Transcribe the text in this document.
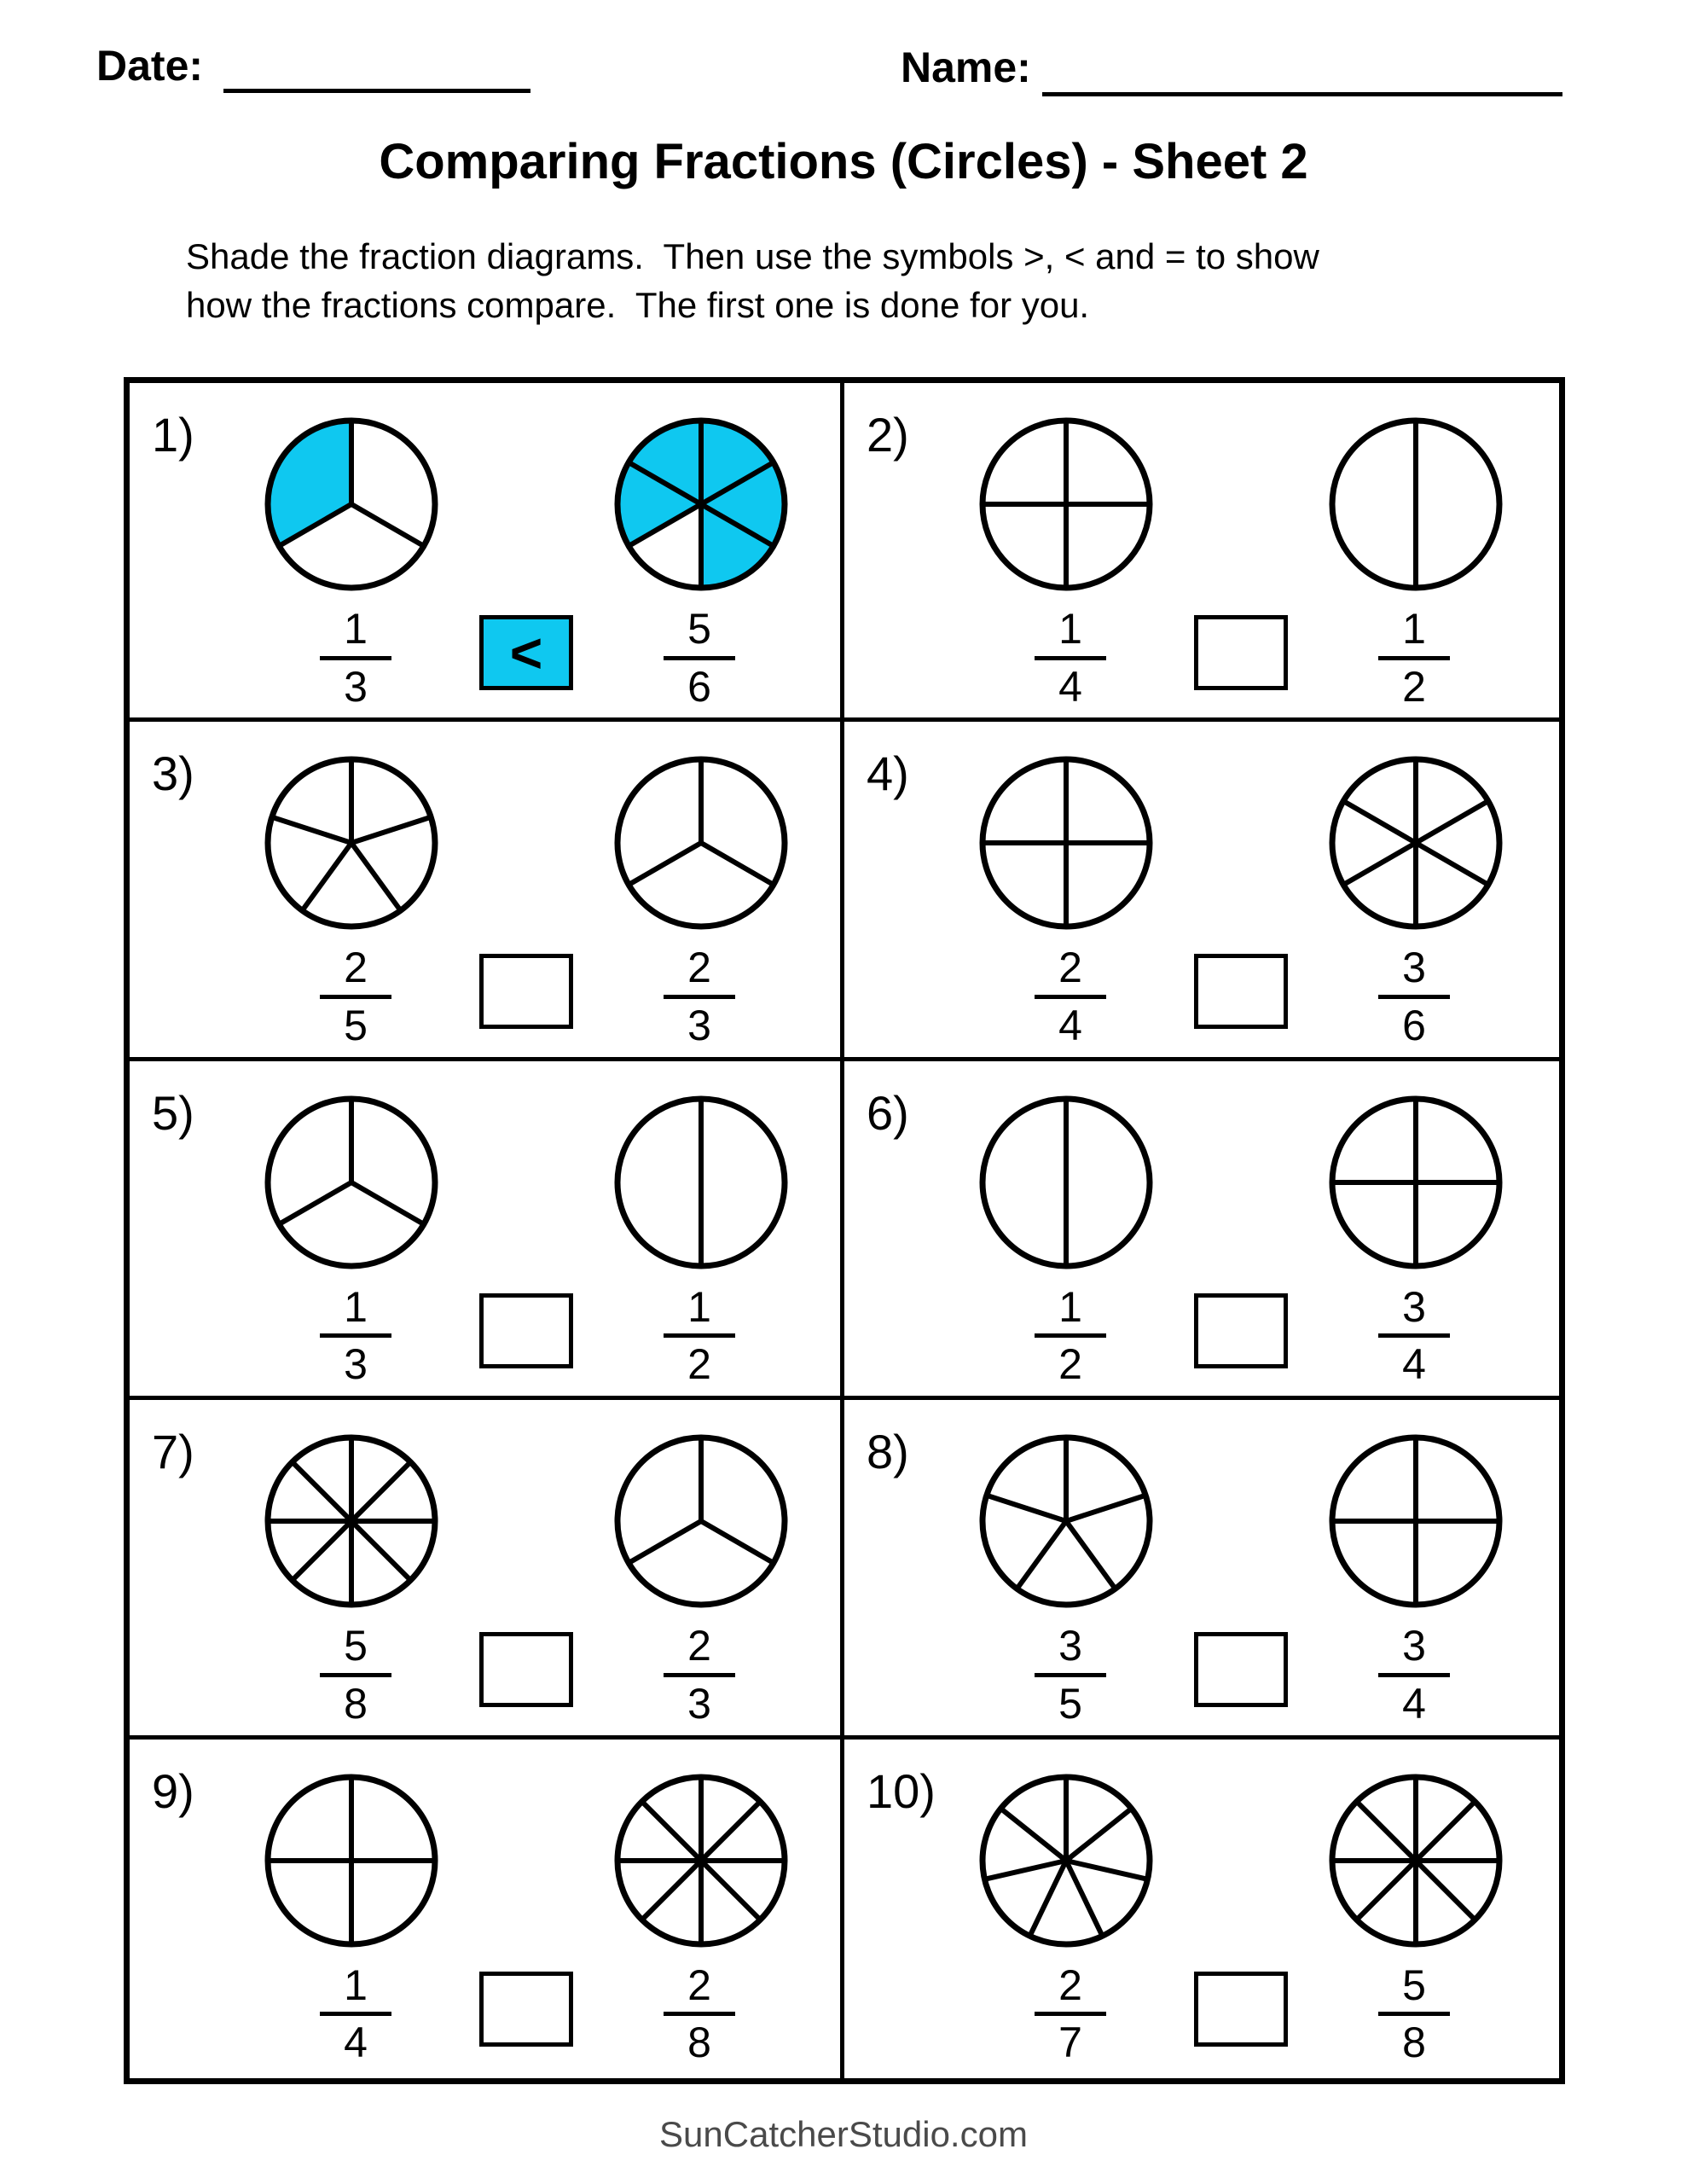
Date:	Name:
Comparing Fractions (Circles) - Sheet 2
Shade the fraction diagrams.  Then use the symbols >, < and = to show
how the fractions compare.  The first one is done for you.
1)
1
3
<	5
6
2)
1
4
1
2
3)
2
5
2
3
4)
2
4
3
6
5)
1
3
1
2
6)
1
2
3
4
7)
5
8
2
3
8)
3
5
3
4
9)
1
4
2
8
10)
2
7
5
8
SunCatcherStudio.com
